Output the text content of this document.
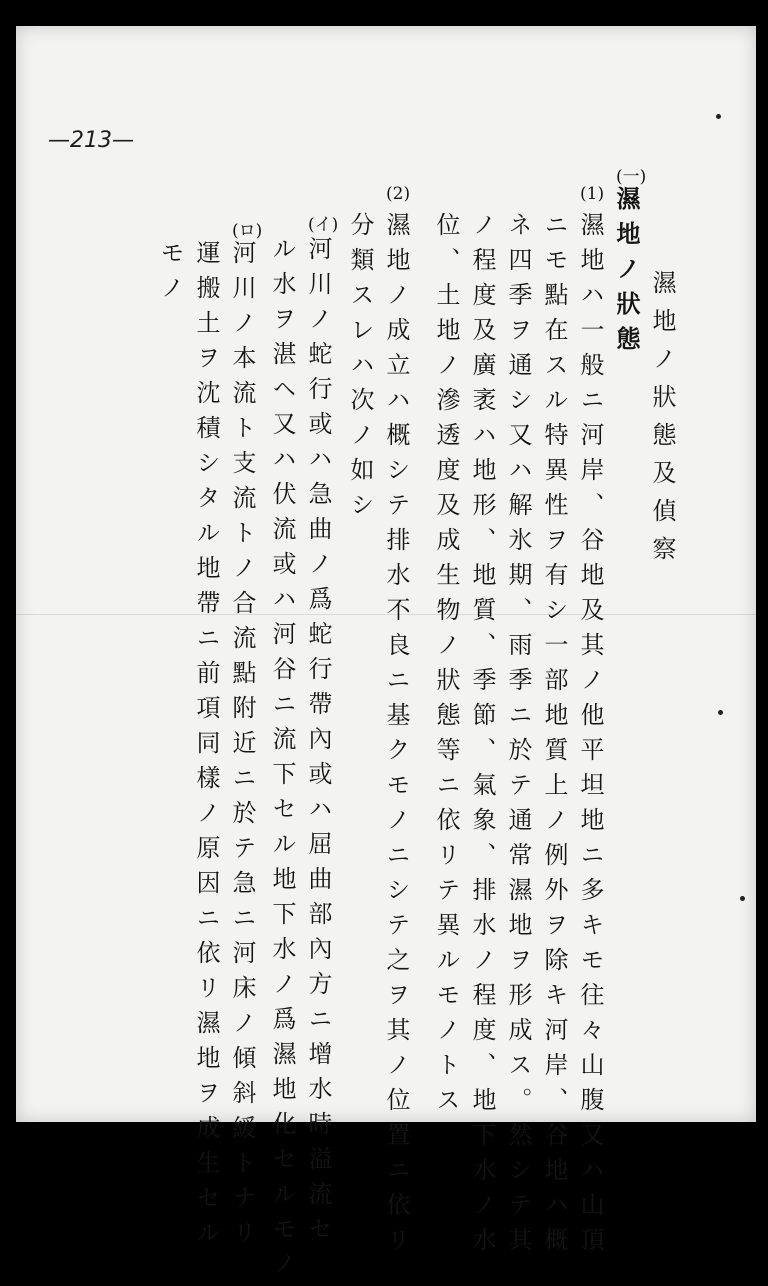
—213—
濕地ノ狀態及偵察
(一)
濕地ノ狀態
(1)
濕地ハ一般ニ河岸、谷地及其ノ他平坦地ニ多キモ往々山腹又ハ山頂
ニモ點在スル特異性ヲ有シ一部地質上ノ例外ヲ除キ河岸、谷地ハ概
ネ四季ヲ通シ又ハ解氷期、雨季ニ於テ通常濕地ヲ形成ス。然シテ其
ノ程度及廣袤ハ地形、地質、季節、氣象、排水ノ程度、地下水ノ水
位、土地ノ滲透度及成生物ノ狀態等ニ依リテ異ルモノトス
(2)
濕地ノ成立ハ概シテ排水不良ニ基クモノニシテ之ヲ其ノ位置ニ依リ
分類スレハ次ノ如シ
(イ)
河川ノ蛇行或ハ急曲ノ爲蛇行帶內或ハ屈曲部內方ニ增水時溢流セ
ル水ヲ湛ヘ又ハ伏流或ハ河谷ニ流下セル地下水ノ爲濕地化セルモノ
(ロ)
河川ノ本流ト支流トノ合流點附近ニ於テ急ニ河床ノ傾斜緩トナリ
運搬土ヲ沈積シタル地帶ニ前項同樣ノ原因ニ依リ濕地ヲ成生セル
モノ
